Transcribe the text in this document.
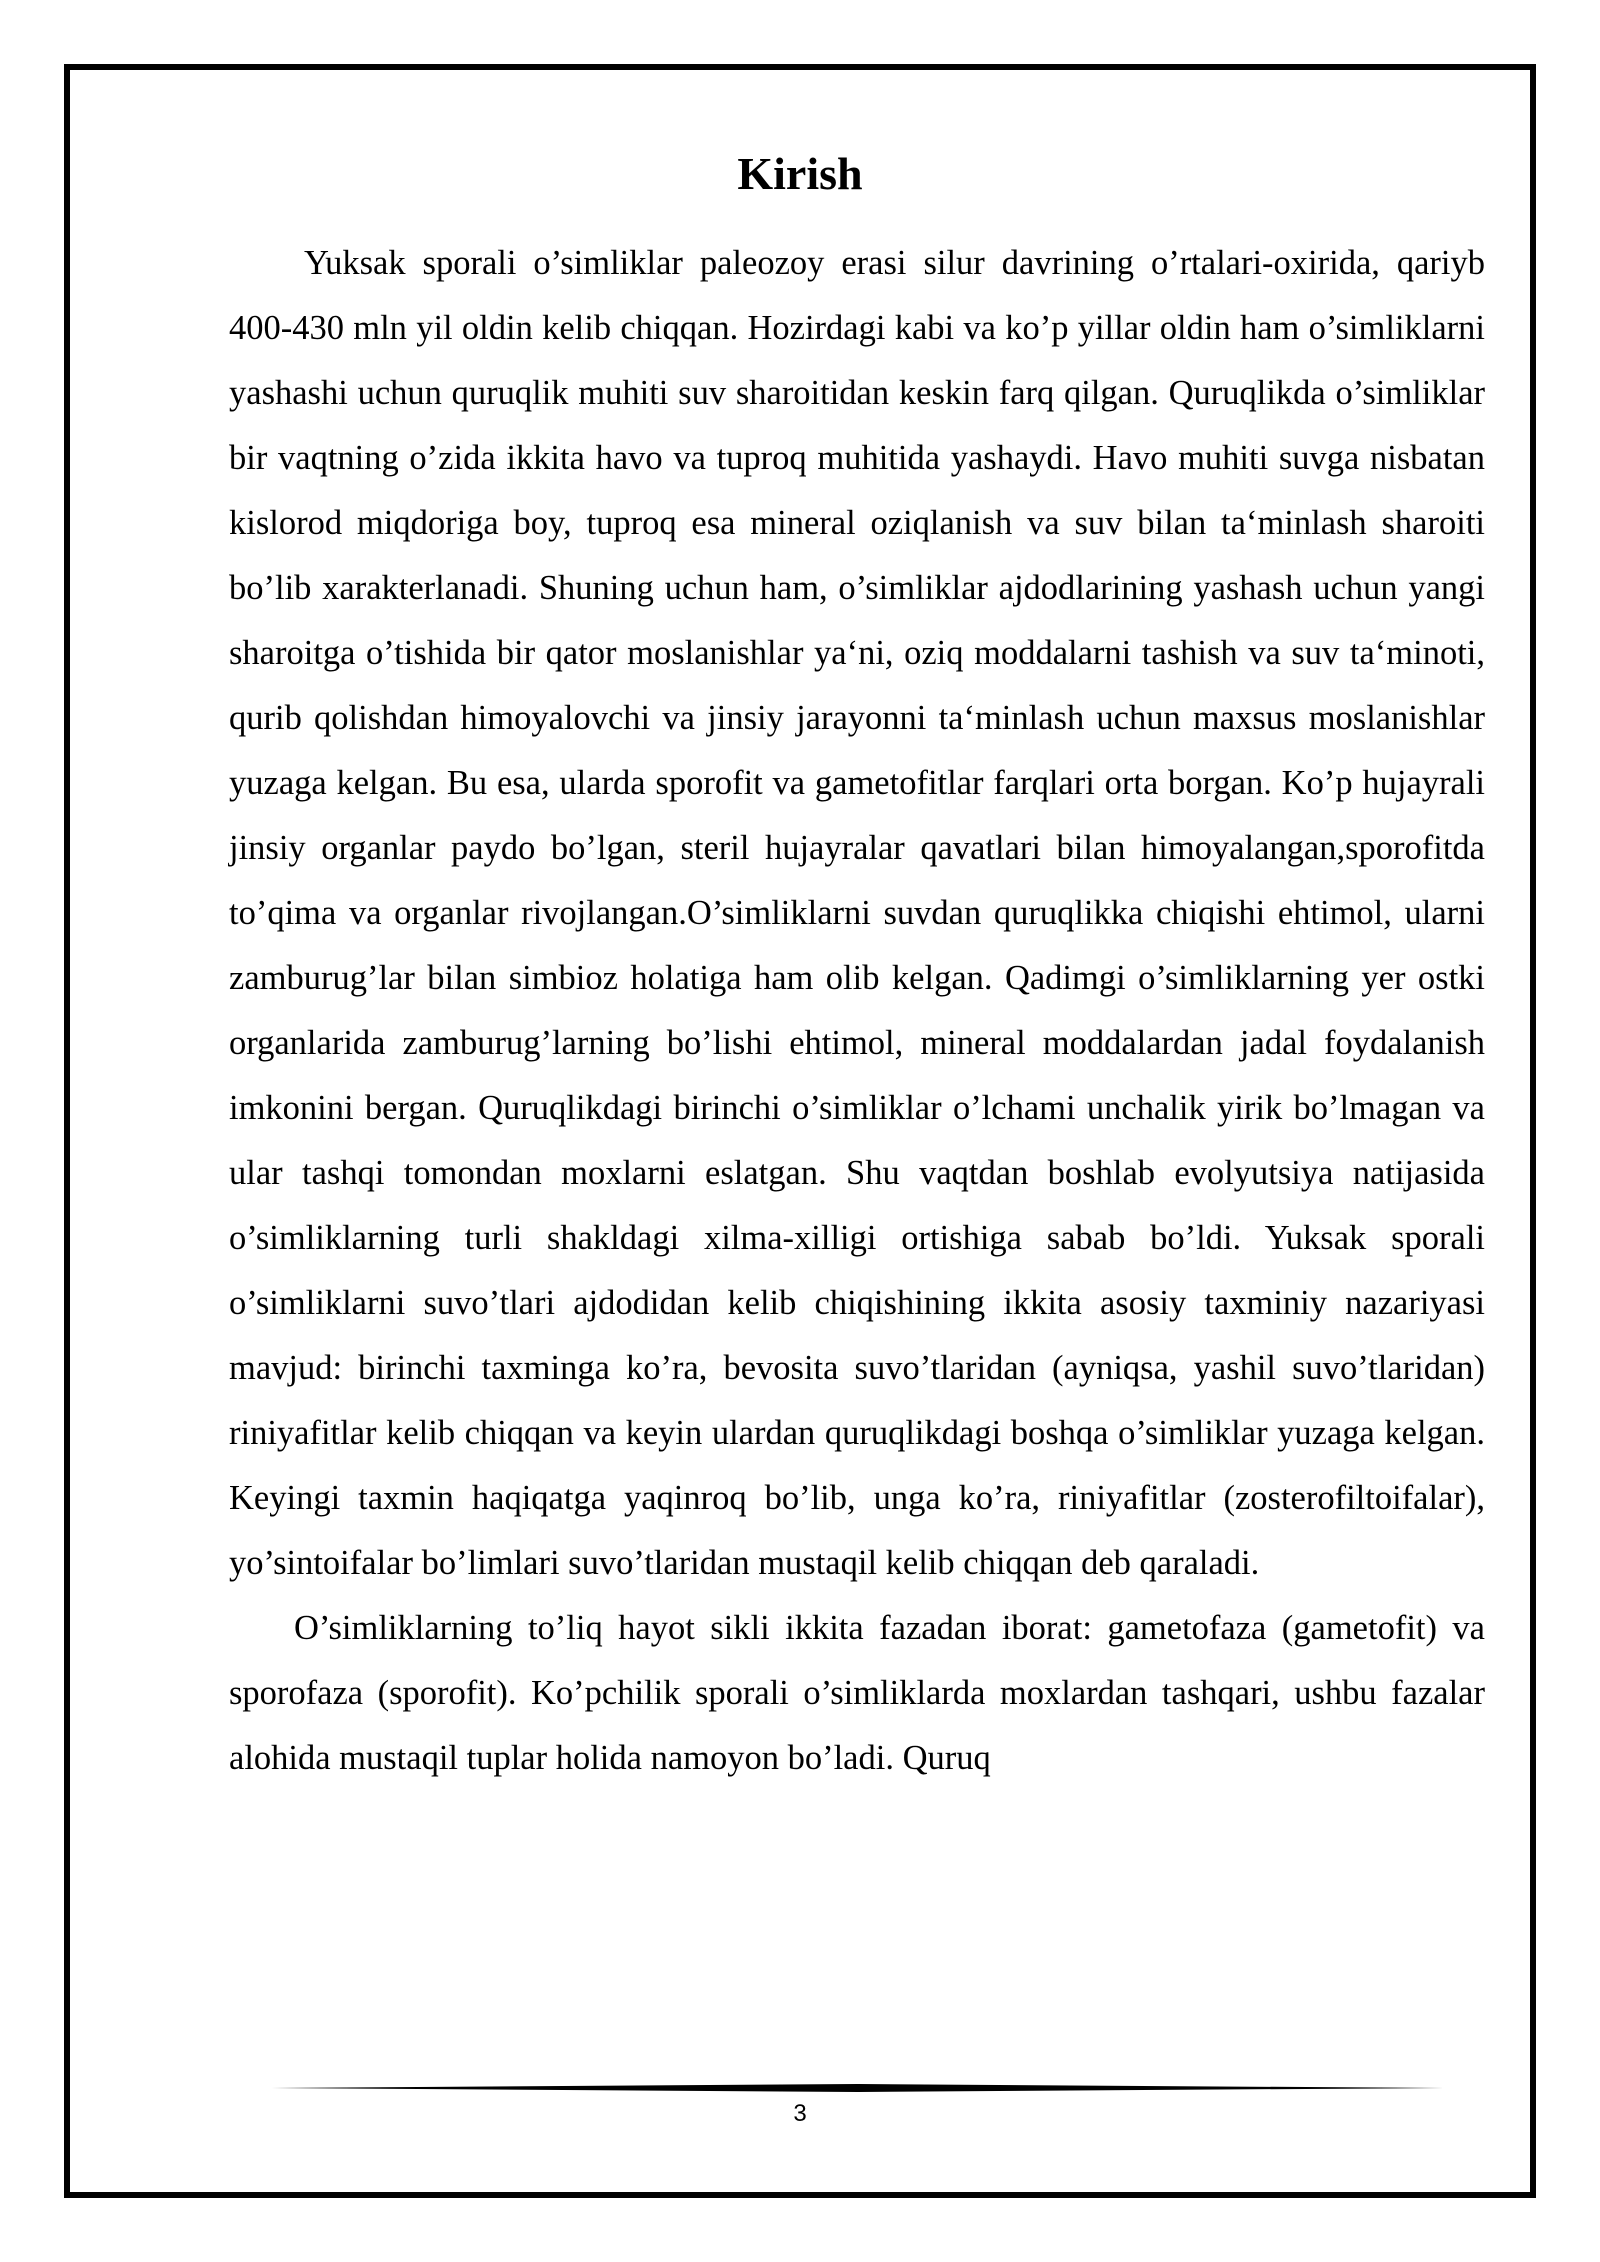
Kirish

Yuksak sporali o’simliklar paleozoy erasi silur davrining o’rtalari-oxirida, qariyb 400-430 mln yil oldin kelib chiqqan. Hozirdagi kabi va ko’p yillar oldin ham o’simliklarni yashashi uchun quruqlik muhiti suv sharoitidan keskin farq qilgan. Quruqlikda o’simliklar bir vaqtning o’zida ikkita havo va tuproq muhitida yashaydi. Havo muhiti suvga nisbatan kislorod miqdoriga boy, tuproq esa mineral oziqlanish va suv bilan ta‘minlash sharoiti bo’lib xarakterlanadi. Shuning uchun ham, o’simliklar ajdodlarining yashash uchun yangi sharoitga o’tishida bir qator moslanishlar ya‘ni, oziq moddalarni tashish va suv ta‘minoti, qurib qolishdan himoyalovchi va jinsiy jarayonni ta‘minlash uchun maxsus moslanishlar yuzaga kelgan. Bu esa, ularda sporofit va gametofitlar farqlari orta borgan. Ko’p hujayrali jinsiy organlar paydo bo’lgan, steril hujayralar qavatlari bilan himoyalangan,sporofitda to’qima va organlar rivojlangan.O’simliklarni suvdan quruqlikka chiqishi ehtimol, ularni zamburug’lar bilan simbioz holatiga ham olib kelgan. Qadimgi o’simliklarning yer ostki organlarida zamburug’larning bo’lishi ehtimol, mineral moddalardan jadal foydalanish imkonini bergan. Quruqlikdagi birinchi o’simliklar o’lchami unchalik yirik bo’lmagan va ular tashqi tomondan moxlarni eslatgan. Shu vaqtdan boshlab evolyutsiya natijasida o’simliklarning turli shakldagi xilma-xilligi ortishiga sabab bo’ldi. Yuksak sporali o’simliklarni suvo’tlari ajdodidan kelib chiqishining ikkita asosiy taxminiy nazariyasi mavjud: birinchi taxminga ko’ra, bevosita suvo’tlaridan (ayniqsa, yashil suvo’tlaridan) riniyafitlar kelib chiqqan va keyin ulardan quruqlikdagi boshqa o’simliklar yuzaga kelgan. Keyingi taxmin haqiqatga yaqinroq bo’lib, unga ko’ra, riniyafitlar (zosterofiltoifalar), yo’sintoifalar bo’limlari suvo’tlaridan mustaqil kelib chiqqan deb qaraladi.

O’simliklarning to’liq hayot sikli ikkita fazadan iborat: gametofaza (gametofit) va sporofaza (sporofit). Ko’pchilik sporali o’simliklarda moxlardan tashqari, ushbu fazalar alohida mustaqil tuplar holida namoyon bo’ladi. Quruq

3
